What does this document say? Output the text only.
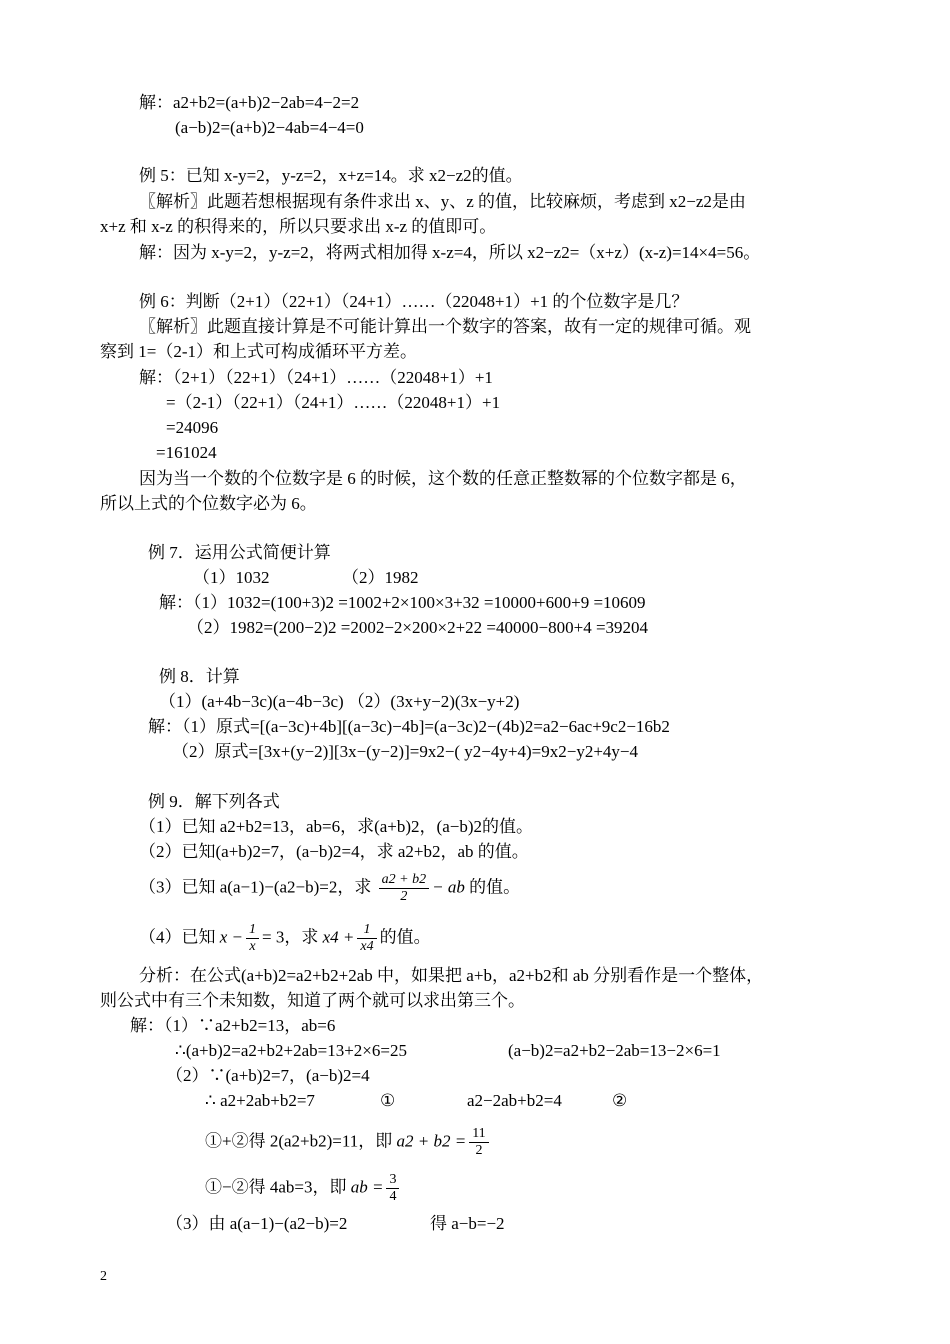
解：a2+b2=(a+b)2−2ab=4−2=2
(a−b)2=(a+b)2−4ab=4−4=0
例 5：已知 x-y=2，y-z=2，x+z=14。求 x2−z2的值。
〖解析〗此题若想根据现有条件求出 x、y、z 的值，比较麻烦，考虑到 x2−z2是由
x+z 和 x-z 的积得来的，所以只要求出 x-z 的值即可。
解：因为 x-y=2，y-z=2，将两式相加得 x-z=4，所以 x2−z2=（x+z）(x-z)=14×4=56。
例 6：判断（2+1）（22+1）（24+1）……（22048+1）+1 的个位数字是几？
〖解析〗此题直接计算是不可能计算出一个数字的答案，故有一定的规律可循。观
察到 1=（2-1）和上式可构成循环平方差。
解：（2+1）（22+1）（24+1）……（22048+1）+1
=（2-1）（22+1）（24+1）……（22048+1）+1
=24096
=161024
因为当一个数的个位数字是 6 的时候，这个数的任意正整数幂的个位数字都是 6，
所以上式的个位数字必为 6。
例 7．运用公式简便计算
（1）1032	（2）1982
解：（1）1032=(100+3)2 =1002+2×100×3+32 =10000+600+9 =10609
（2）1982=(200−2)2 =2002−2×200×2+22 =40000−800+4 =39204
例 8．计算
（1）(a+4b−3c)(a−4b−3c) （2）(3x+y−2)(3x−y+2)
解：（1）原式=[(a−3c)+4b][(a−3c)−4b]=(a−3c)2−(4b)2=a2−6ac+9c2−16b2
（2）原式=[3x+(y−2)][3x−(y−2)]=9x2−( y2−4y+4)=9x2−y2+4y−4
例 9．解下列各式
（1）已知 a2+b2=13，ab=6，求(a+b)2，(a−b)2的值。
（2）已知(a+b)2=7，(a−b)2=4，求 a2+b2，ab 的值。
分析：在公式(a+b)2=a2+b2+2ab 中，如果把 a+b，a2+b2和 ab 分别看作是一个整体，
则公式中有三个未知数，知道了两个就可以求出第三个。
解：（1）∵a2+b2=13，ab=6
∴(a+b)2=a2+b2+2ab=13+2×6=25	(a−b)2=a2+b2−2ab=13−2×6=1
（2）∵(a+b)2=7，(a−b)2=4
∴ a2+2ab+b2=7	①	a2−2ab+b2=4	②
（3）由 a(a−1)−(a2−b)=2	得 a−b=−2
（3）已知 a(a−1)−(a2−b)=2，求 $\frac{a2 + b2}{2}$ − ab 的值。
（4）已知 $x - \frac{1}{x} = 3$，求 $x4 + \frac{1}{x4}$ 的值。
①+②得 2(a2+b2)=11，即 $a2 + b2 = \frac{11}{2}$
①−②得 4ab=3，即 ab = $\frac{3}{4}$
2
